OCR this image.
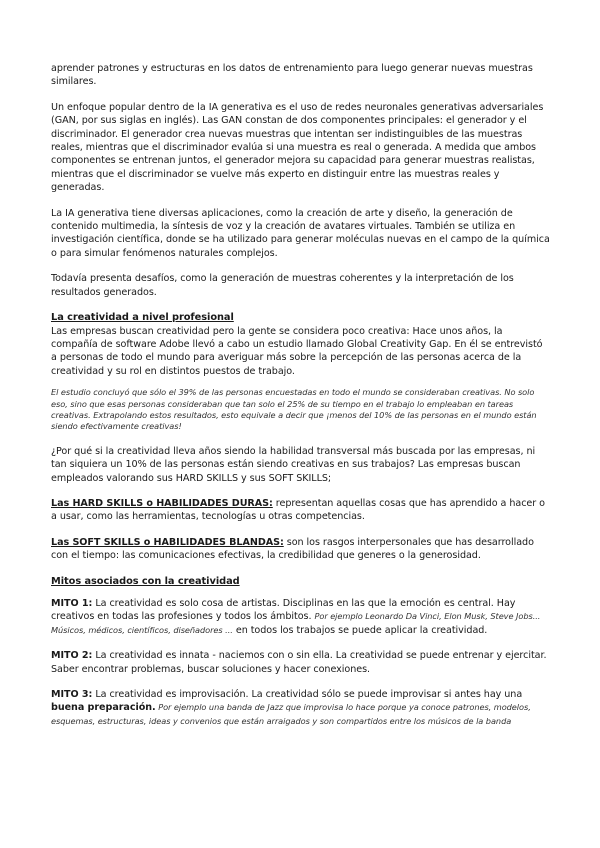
aprender patrones y estructuras en los datos de entrenamiento para luego generar nuevas muestras similares.

Un enfoque popular dentro de la IA generativa es el uso de redes neuronales generativas adversariales (GAN, por sus siglas en inglés). Las GAN constan de dos componentes principales: el generador y el discriminador. El generador crea nuevas muestras que intentan ser indistinguibles de las muestras reales, mientras que el discriminador evalúa si una muestra es real o generada. A medida que ambos componentes se entrenan juntos, el generador mejora su capacidad para generar muestras realistas, mientras que el discriminador se vuelve más experto en distinguir entre las muestras reales y generadas.

La IA generativa tiene diversas aplicaciones, como la creación de arte y diseño, la generación de contenido multimedia, la síntesis de voz y la creación de avatares virtuales. También se utiliza en investigación científica, donde se ha utilizado para generar moléculas nuevas en el campo de la química o para simular fenómenos naturales complejos.

Todavía presenta desafíos, como la generación de muestras coherentes y la interpretación de los resultados generados.

La creatividad a nivel profesional

Las empresas buscan creatividad pero la gente se considera poco creativa: Hace unos años, la compañía de software Adobe llevó a cabo un estudio llamado Global Creativity Gap. En él se entrevistó a personas de todo el mundo para averiguar más sobre la percepción de las personas acerca de la creatividad y su rol en distintos puestos de trabajo.

El estudio concluyó que sólo el 39% de las personas encuestadas en todo el mundo se consideraban creativas. No solo eso, sino que esas personas consideraban que tan solo el 25% de su tiempo en el trabajo lo empleaban en tareas creativas. Extrapolando estos resultados, esto equivale a decir que ¡menos del 10% de las personas en el mundo están siendo efectivamente creativas!

¿Por qué si la creatividad lleva años siendo la habilidad transversal más buscada por las empresas, ni tan siquiera un 10% de las personas están siendo creativas en sus trabajos? Las empresas buscan empleados valorando sus HARD SKILLS y sus SOFT SKILLS;

Las HARD SKILLS o HABILIDADES DURAS: representan aquellas cosas que has aprendido a hacer o a usar, como las herramientas, tecnologías u otras competencias.

Las SOFT SKILLS o HABILIDADES BLANDAS: son los rasgos interpersonales que has desarrollado con el tiempo: las comunicaciones efectivas, la credibilidad que generes o la generosidad.

Mitos asociados con la creatividad

MITO 1: La creatividad es solo cosa de artistas. Disciplinas en las que la emoción es central. Hay creativos en todas las profesiones y todos los ámbitos. Por ejemplo Leonardo Da Vinci, Elon Musk, Steve Jobs... Músicos, médicos, científicos, diseñadores ... en todos los trabajos se puede aplicar la creatividad.

MITO 2: La creatividad es innata - naciemos con o sin ella. La creatividad se puede entrenar y ejercitar. Saber encontrar problemas, buscar soluciones y hacer conexiones.

MITO 3: La creatividad es improvisación. La creatividad sólo se puede improvisar si antes hay una buena preparación. Por ejemplo una banda de Jazz que improvisa lo hace porque ya conoce patrones, modelos, esquemas, estructuras, ideas y convenios que están arraigados y son compartidos entre los músicos de la banda
